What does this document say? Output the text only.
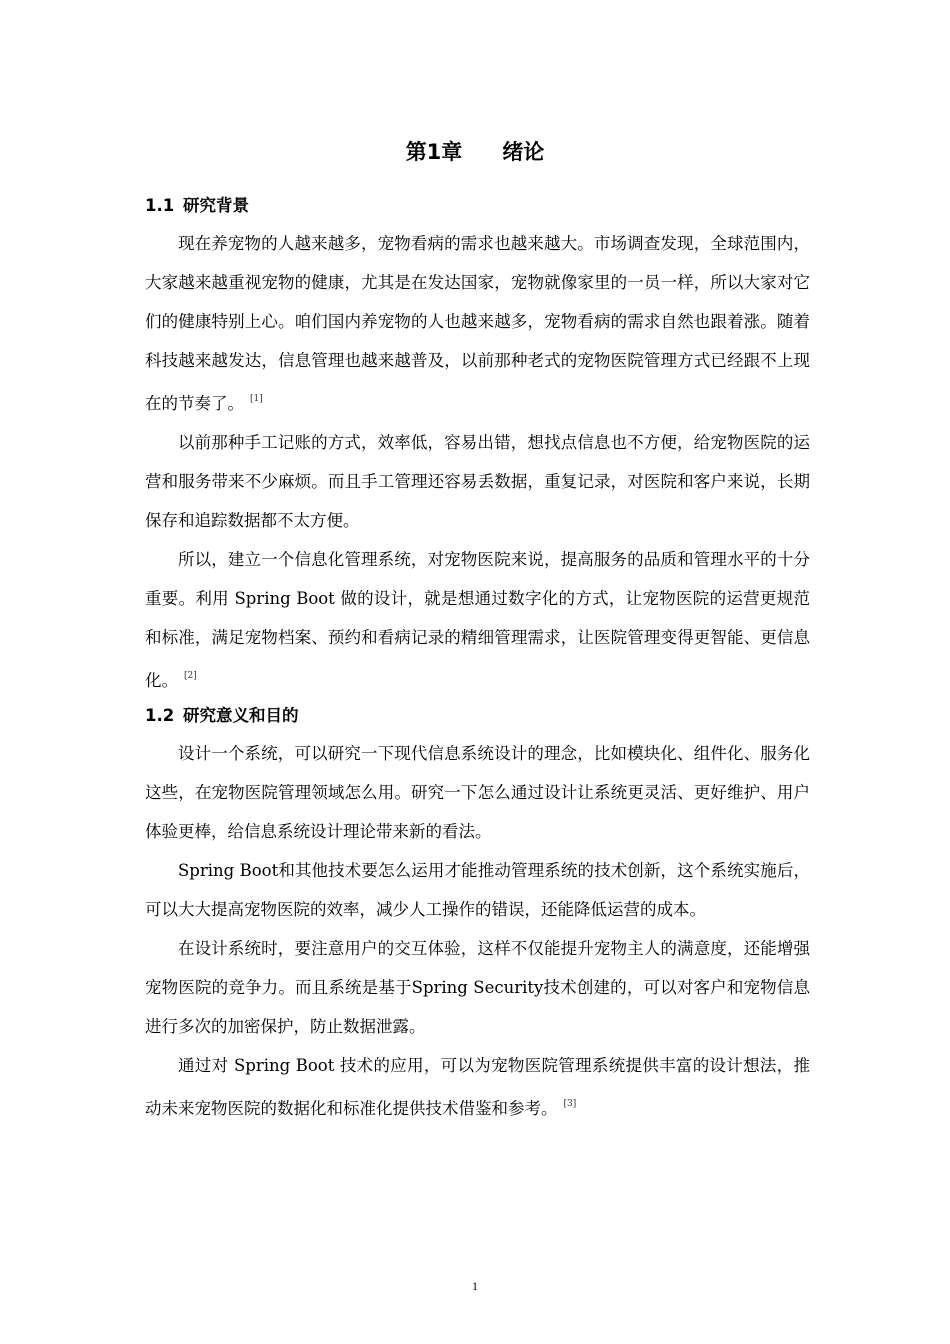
第1章 绪论
1.1 研究背景

现在养宠物的人越来越多，宠物看病的需求也越来越大。市场调查发现，全球范围内，大家越来越重视宠物的健康，尤其是在发达国家，宠物就像家里的一员一样，所以大家对它们的健康特别上心。咱们国内养宠物的人也越来越多，宠物看病的需求自然也跟着涨。随着科技越来越发达，信息管理也越来越普及，以前那种老式的宠物医院管理方式已经跟不上现在的节奏了。 [1]

以前那种手工记账的方式，效率低，容易出错，想找点信息也不方便，给宠物医院的运营和服务带来不少麻烦。而且手工管理还容易丢数据，重复记录，对医院和客户来说，长期保存和追踪数据都不太方便。

所以，建立一个信息化管理系统，对宠物医院来说，提高服务的品质和管理水平的十分重要。利用 Spring Boot 做的设计，就是想通过数字化的方式，让宠物医院的运营更规范和标准，满足宠物档案、预约和看病记录的精细管理需求，让医院管理变得更智能、更信息化。 [2]

1.2 研究意义和目的

设计一个系统，可以研究一下现代信息系统设计的理念，比如模块化、组件化、服务化这些，在宠物医院管理领域怎么用。研究一下怎么通过设计让系统更灵活、更好维护、用户体验更棒，给信息系统设计理论带来新的看法。

Spring Boot和其他技术要怎么运用才能推动管理系统的技术创新，这个系统实施后，可以大大提高宠物医院的效率，减少人工操作的错误，还能降低运营的成本。

在设计系统时，要注意用户的交互体验，这样不仅能提升宠物主人的满意度，还能增强宠物医院的竞争力。而且系统是基于Spring Security技术创建的，可以对客户和宠物信息进行多次的加密保护，防止数据泄露。

通过对 Spring Boot 技术的应用，可以为宠物医院管理系统提供丰富的设计想法，推动未来宠物医院的数据化和标准化提供技术借鉴和参考。 [3]

1
